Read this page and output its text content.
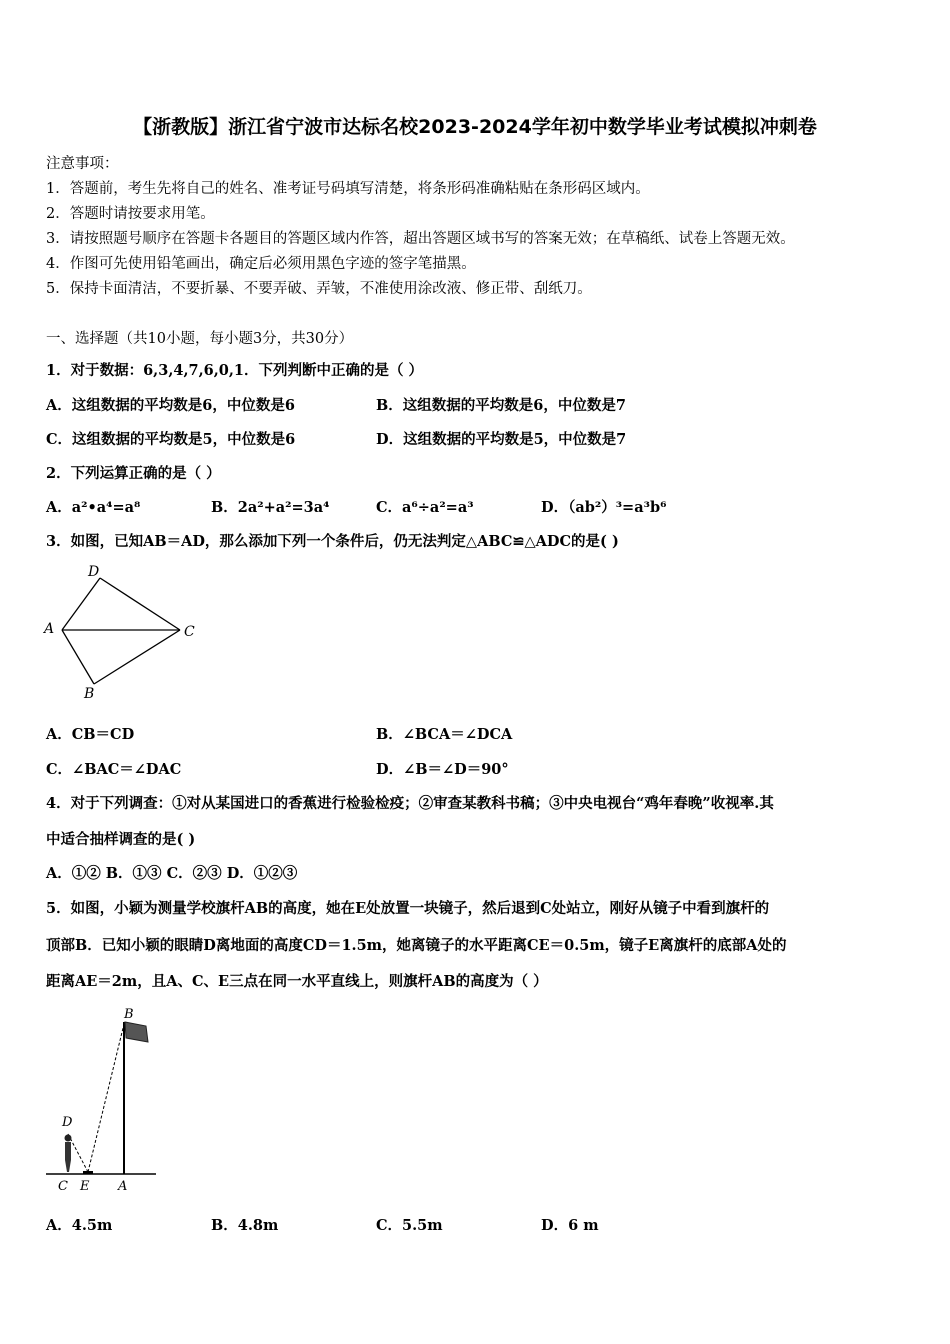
【浙教版】浙江省宁波市达标名校2023-2024学年初中数学毕业考试模拟冲刺卷
注意事项：
1．答题前，考生先将自己的姓名、准考证号码填写清楚，将条形码准确粘贴在条形码区域内。
2．答题时请按要求用笔。
3．请按照题号顺序在答题卡各题目的答题区域内作答，超出答题区域书写的答案无效；在草稿纸、试卷上答题无效。
4．作图可先使用铅笔画出，确定后必须用黑色字迹的签字笔描黑。
5．保持卡面清洁，不要折暴、不要弄破、弄皱，不准使用涂改液、修正带、刮纸刀。
一、选择题（共10小题，每小题3分，共30分）
1．对于数据：6,3,4,7,6,0,1．下列判断中正确的是（ ）
A．这组数据的平均数是6，中位数是6	B．这组数据的平均数是6，中位数是7
C．这组数据的平均数是5，中位数是6	D．这组数据的平均数是5，中位数是7
2．下列运算正确的是（ ）
A．a²•a⁴=a⁸	B．2a²+a²=3a⁴	C．a⁶÷a²=a³	D．（ab²）³=a³b⁶
3．如图，已知AB＝AD，那么添加下列一个条件后，仍无法判定△ABC≌△ADC的是( )
D
A	C
B
A．CB＝CD	B．∠BCA＝∠DCA
C．∠BAC＝∠DAC	D．∠B＝∠D＝90°
4．对于下列调查：①对从某国进口的香蕉进行检验检疫；②审查某教科书稿；③中央电视台“鸡年春晚”收视率.其
中适合抽样调查的是( )
A．①② B．①③ C．②③ D．①②③
5．如图，小颖为测量学校旗杆AB的高度，她在E处放置一块镜子，然后退到C处站立，刚好从镜子中看到旗杆的
顶部B．已知小颖的眼睛D离地面的高度CD＝1.5m，她离镜子的水平距离CE＝0.5m，镜子E离旗杆的底部A处的
距离AE＝2m，且A、C、E三点在同一水平直线上，则旗杆AB的高度为（ ）
B
D
C E A
A．4.5m	B．4.8m	C．5.5m	D．6 m
